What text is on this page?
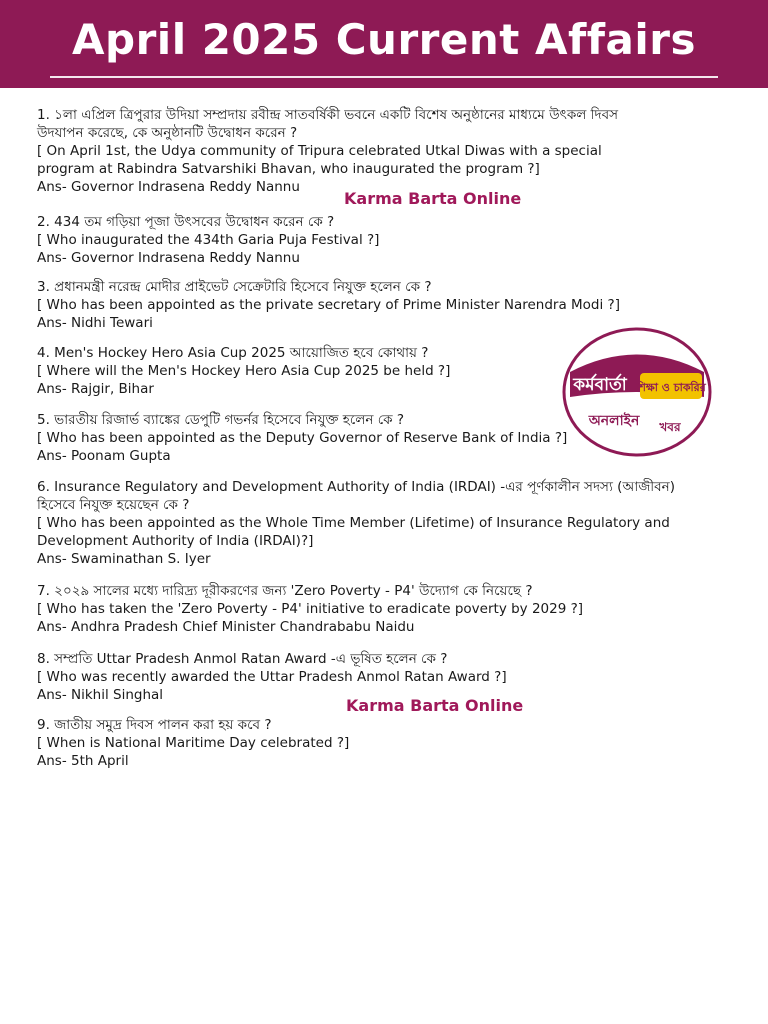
April 2025 Current Affairs
1. ১লা এপ্রিল ত্রিপুরার উদিয়া সম্প্রদায় রবীন্দ্র সাতবর্ষিকী ভবনে একটি বিশেষ অনুষ্ঠানের মাধ্যমে উৎকল দিবস উদযাপন করেছে, কে অনুষ্ঠানটি উদ্বোধন করেন ?
[ On April 1st, the Udya community of Tripura celebrated Utkal Diwas with a special program at Rabindra Satvarshiki Bhavan, who inaugurated the program ?]
Ans- Governor Indrasena Reddy Nannu
Karma Barta Online
2. 434 তম গড়িয়া পূজা উৎসবের উদ্বোধন করেন কে ?
[ Who inaugurated the 434th Garia Puja Festival ?]
Ans- Governor Indrasena Reddy Nannu
3. প্রধানমন্ত্রী নরেন্দ্র মোদীর প্রাইভেট সেক্রেটারি হিসেবে নিযুক্ত হলেন কে ?
[ Who has been appointed as the private secretary of Prime Minister Narendra Modi ?]
Ans- Nidhi Tewari
4. Men's Hockey Hero Asia Cup 2025 আয়োজিত হবে কোথায় ?
[ Where will the Men's Hockey Hero Asia Cup 2025 be held ?]
Ans- Rajgir, Bihar
5. ভারতীয় রিজার্ভ ব্যাঙ্কের ডেপুটি গভর্নর হিসেবে নিযুক্ত হলেন কে ?
[ Who has been appointed as the Deputy Governor of Reserve Bank of India ?]
Ans- Poonam Gupta
6. Insurance Regulatory and Development Authority of India (IRDAI) -এর পূর্ণকালীন সদস্য (আজীবন) হিসেবে নিযুক্ত হয়েছেন কে ?
[ Who has been appointed as the Whole Time Member (Lifetime) of Insurance Regulatory and Development Authority of India (IRDAI)?]
Ans- Swaminathan S. Iyer
7. ২০২৯ সালের মধ্যে দারিদ্র্য দূরীকরণের জন্য 'Zero Poverty - P4' উদ্যোগ কে নিয়েছে ?
[ Who has taken the 'Zero Poverty - P4' initiative to eradicate poverty by 2029 ?]
Ans- Andhra Pradesh Chief Minister Chandrababu Naidu
8. সম্প্রতি Uttar Pradesh Anmol Ratan Award -এ ভূষিত হলেন কে ?
[ Who was recently awarded the Uttar Pradesh Anmol Ratan Award ?]
Ans- Nikhil Singhal
Karma Barta Online
9. জাতীয় সমুদ্র দিবস পালন করা হয় কবে ?
[ When is National Maritime Day celebrated ?]
Ans- 5th April
কর্মবার্তা শিক্ষা ও চাকরির
অনলাইন খবর
